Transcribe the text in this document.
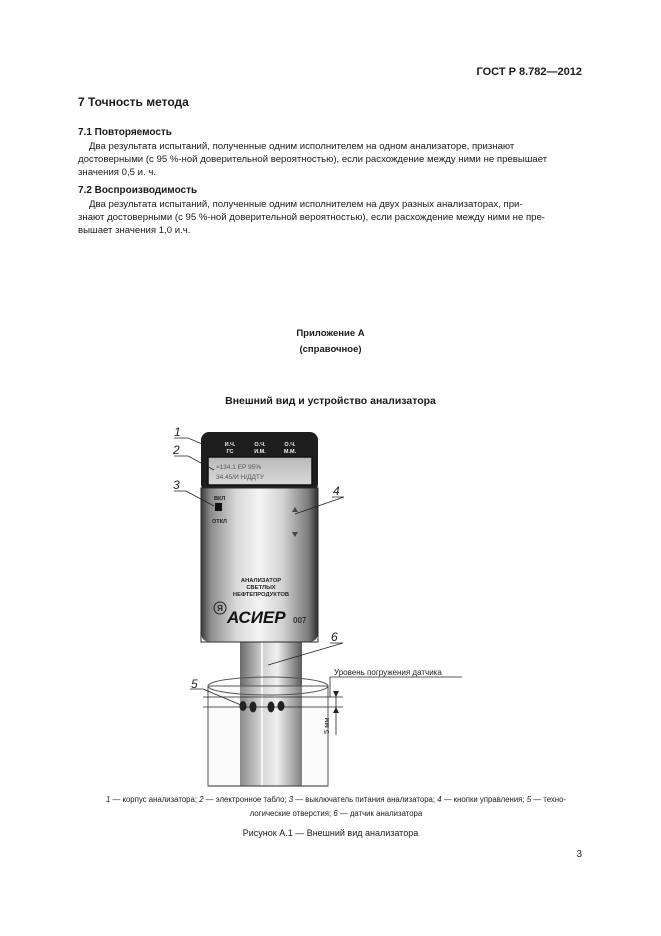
ГОСТ Р 8.782—2012
7 Точность метода
7.1 Повторяемость
Два результата испытаний, полученные одним исполнителем на одном анализаторе, признают
достоверными (с 95 %-ной доверительной вероятностью), если расхождение между ними не превышает
значения 0,5 и. ч.
7.2 Воспроизводимость
Два результата испытаний, полученные одним исполнителем на двух разных анализаторах, при-
знают достоверными (с 95 %-ной доверительной вероятностью), если расхождение между ними не пре-
вышает значения 1,0 и.ч.
Приложение А
(справочное)
Внешний вид и устройство анализатора
И.Ч.
ГС
О.Ч.
И.М.
О.Ч.
М.М.
≈134.1 ЕР 95%
34.45/И Н/ДДТУ
ВКЛ
ОТКЛ
АНАЛИЗАТОР
СВЕТЛЫХ
НЕФТЕПРОДУКТОВ
Я АСИЕР 007
Уровень погружения датчика
5 мм
1
2
3	4
6
5
1 — корпус анализатора; 2 — электронное табло; 3 — выключатель питания анализатора; 4 — кнопки управления; 5 — техно-
логические отверстия; 6 — датчик анализатора
Рисунок А.1 — Внешний вид анализатора
3
